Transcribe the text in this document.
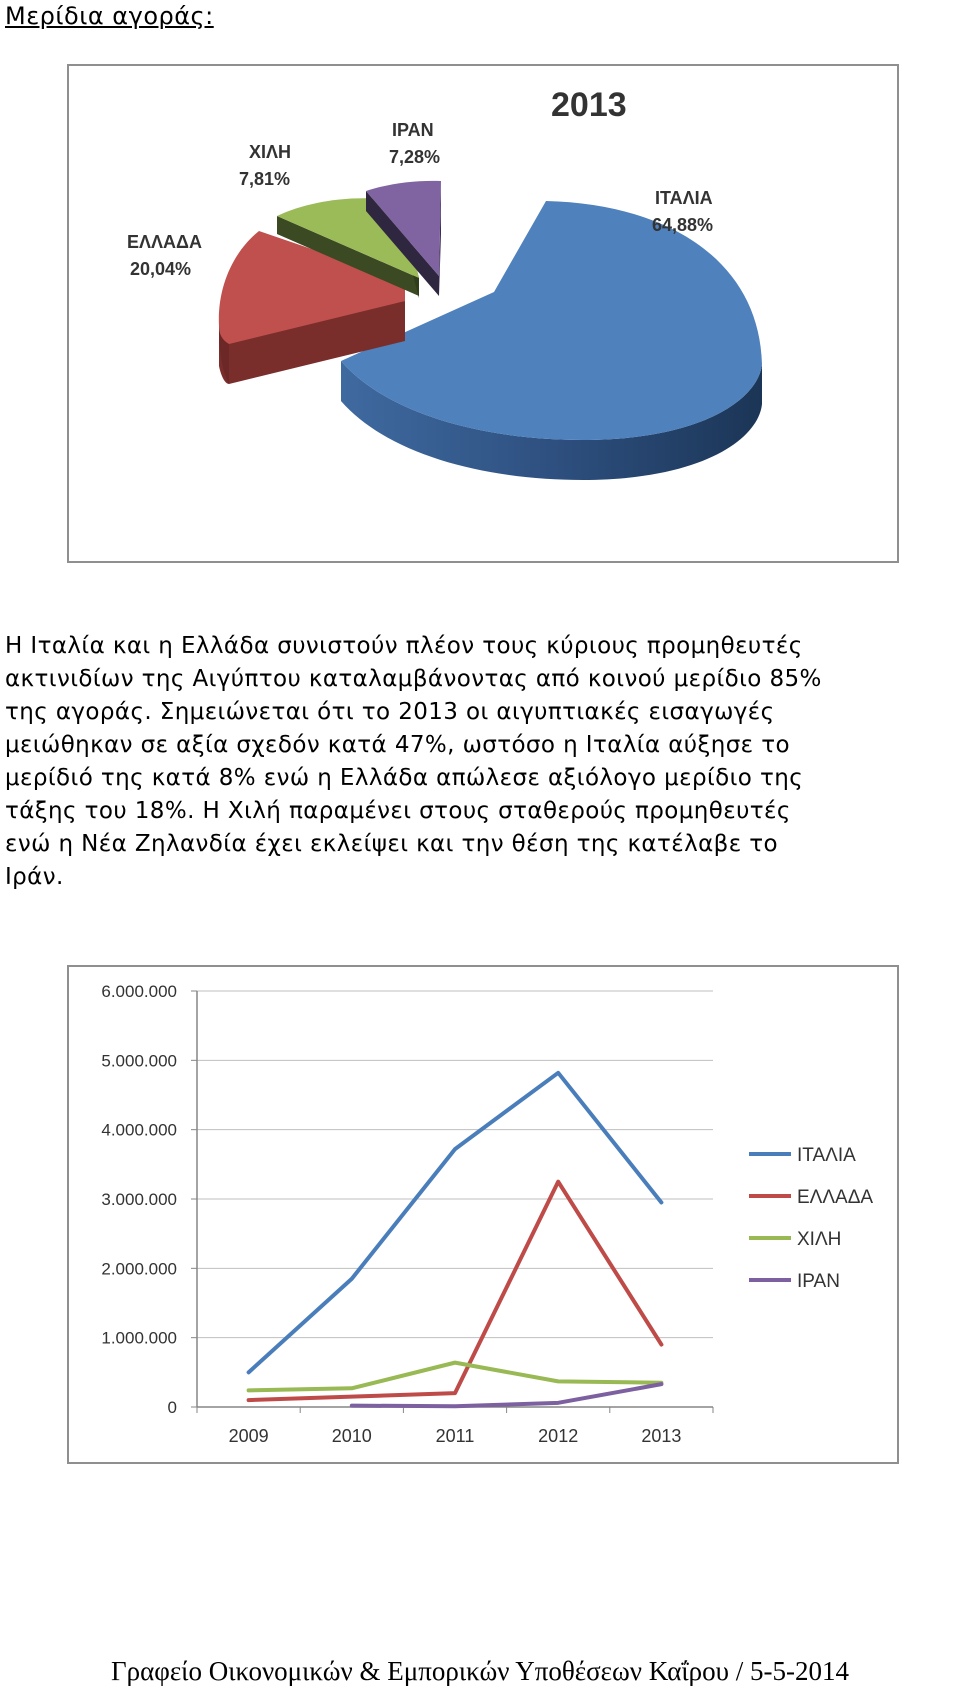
Μερίδια αγοράς:
2013
ΙΤΑΛΙΑ
64,88%
ΕΛΛΑΔΑ
20,04%
ΧΙΛΗ
7,81%
ΙΡΑΝ
7,28%
Η Ιταλία και η Ελλάδα συνιστούν πλέον τους κύριους προμηθευτές
ακτινιδίων της Αιγύπτου καταλαμβάνοντας από κοινού μερίδιο 85%
της αγοράς. Σημειώνεται ότι το 2013 οι αιγυπτιακές εισαγωγές
μειώθηκαν σε αξία σχεδόν κατά 47%, ωστόσο η Ιταλία αύξησε το
μερίδιό της κατά 8% ενώ η Ελλάδα απώλεσε αξιόλογο μερίδιο της
τάξης του 18%. Η Χιλή παραμένει στους σταθερούς προμηθευτές
ενώ η Νέα Ζηλανδία έχει εκλείψει και την θέση της κατέλαβε το
Ιράν.
0
1.000.000
2.000.000
3.000.000
4.000.000
5.000.000
6.000.000
2009	2010	2011	2012	2013
ΙΤΑΛΙΑ
ΕΛΛΑΔΑ
ΧΙΛΗ
ΙΡΑΝ
Γραφείο Οικονομικών & Εμπορικών Υποθέσεων Καΐρου / 5-5-2014
